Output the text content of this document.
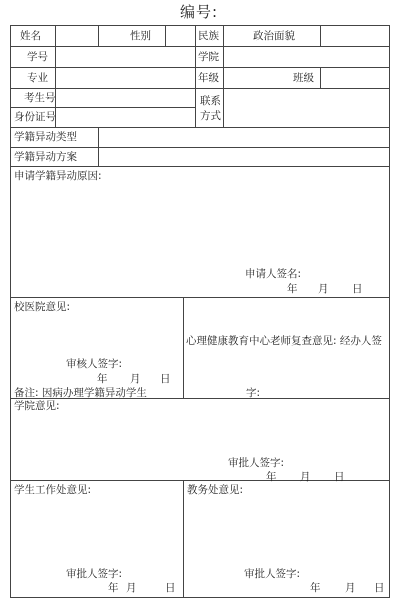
编号:
姓名	性别	民族	政治面貌
学号	学院
专业	年级	班级
考生号	联系
方式
身份证号
学籍异动类型
学籍异动方案
申请学籍异动原因:
申请人签名:
年 月 日
校医院意见:
审核人签字:
年 月 日
备注: 因病办理学籍异动学生
心理健康教育中心老师复查意见: 经办人签
字:
学院意见:
审批人签字:
年 月 日
学生工作处意见:
审批人签字:
年 月	日
教务处意见:
审批人签字:
年 月 日
